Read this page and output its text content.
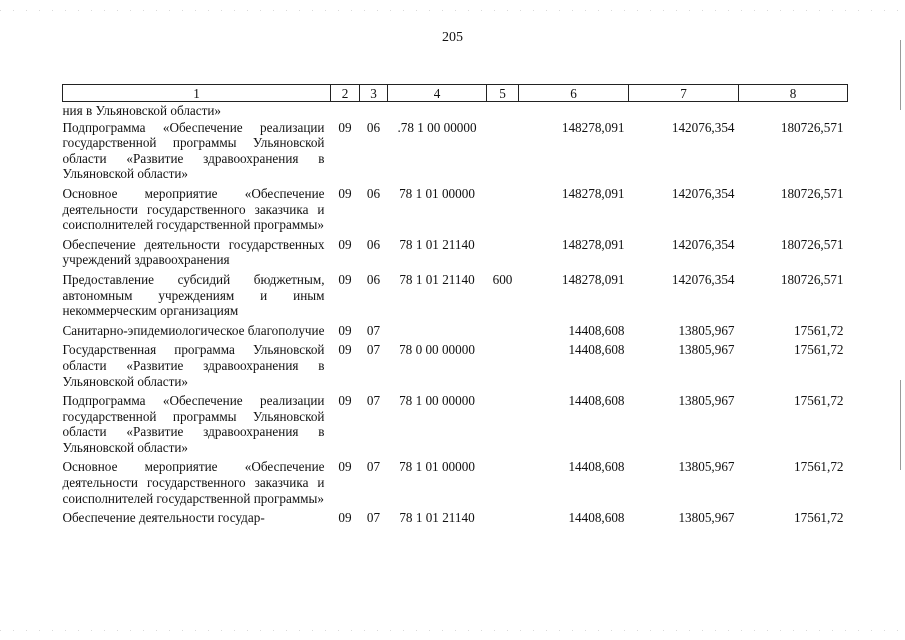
205
1	2	3	4	5	6	7	8
ния в Ульяновской области»							
Подпрограмма «Обеспечение реализации государственной программы Ульяновской области «Развитие здравоохранения в Ульяновской области»	09	06	.78 1 00 00000		148278,091	142076,354	180726,571
Основное мероприятие «Обеспечение деятельности государственного заказчика и соисполнителей государственной программы»	09	06	78 1 01 00000		148278,091	142076,354	180726,571
Обеспечение деятельности государственных учреждений здравоохранения	09	06	78 1 01 21140		148278,091	142076,354	180726,571
Предоставление субсидий бюджетным, автономным учреждениям и иным некоммерческим организациям	09	06	78 1 01 21140	600	148278,091	142076,354	180726,571
Санитарно-эпидемиологическое благополучие	09	07			14408,608	13805,967	17561,72
Государственная программа Ульяновской области «Развитие здравоохранения в Ульяновской области»	09	07	78 0 00 00000		14408,608	13805,967	17561,72
Подпрограмма «Обеспечение реализации государственной программы Ульяновской области «Развитие здравоохранения в Ульяновской области»	09	07	78 1 00 00000		14408,608	13805,967	17561,72
Основное мероприятие «Обеспечение деятельности государственного заказчика и соисполнителей государственной программы»	09	07	78 1 01 00000		14408,608	13805,967	17561,72
Обеспечение деятельности государ-	09	07	78 1 01 21140		14408,608	13805,967	17561,72
